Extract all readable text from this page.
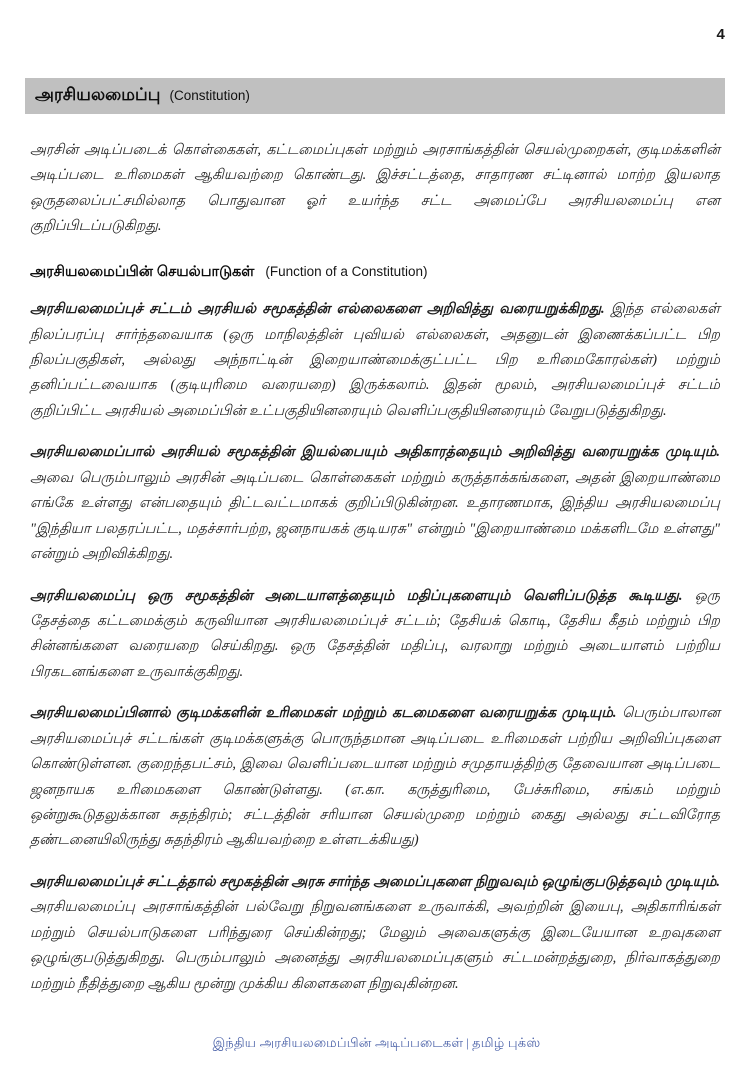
4
அரசியலமைப்பு (Constitution)

அரசின் அடிப்படைக் கொள்கைகள், கட்டமைப்புகள் மற்றும் அரசாங்கத்தின் செயல்முறைகள், குடிமக்களின் அடிப்படை உரிமைகள் ஆகியவற்றை கொண்டது. இச்சட்டத்தை, சாதாரண சட்டினால் மாற்ற இயலாத ஒருதலைப்பட்சமில்லாத பொதுவான ஓர் உயர்ந்த சட்ட அமைப்பே அரசியலமைப்பு என குறிப்பிடப்படுகிறது.

அரசியலமைப்பின் செயல்பாடுகள் (Function of a Constitution)

அரசியலமைப்புச் சட்டம் அரசியல் சமூகத்தின் எல்லைகளை அறிவித்து வரையறுக்கிறது. இந்த எல்லைகள் நிலப்பரப்பு சார்ந்தவையாக (ஒரு மாநிலத்தின் புவியல் எல்லைகள், அதனுடன் இணைக்கப்பட்ட பிற நிலப்பகுதிகள், அல்லது அந்நாட்டின் இறையாண்மைக்குட்பட்ட பிற உரிமைகோரல்கள்) மற்றும் தனிப்பட்டவையாக (குடியுரிமை வரையறை) இருக்கலாம். இதன் மூலம், அரசியலமைப்புச் சட்டம் குறிப்பிட்ட அரசியல் அமைப்பின் உட்பகுதியினரையும் வெளிப்பகுதியினரையும் வேறுபடுத்துகிறது.

அரசியலமைப்பால் அரசியல் சமூகத்தின் இயல்பையும் அதிகாரத்தையும் அறிவித்து வரையறுக்க முடியும். அவை பெரும்பாலும் அரசின் அடிப்படை கொள்கைகள் மற்றும் கருத்தாக்கங்களை, அதன் இறையாண்மை எங்கே உள்ளது என்பதையும் திட்டவட்டமாகக் குறிப்பிடுகின்றன. உதாரணமாக, இந்திய அரசியலமைப்பு "இந்தியா பலதரப்பட்ட, மதச்சார்பற்ற, ஜனநாயகக் குடியரசு" என்றும் "இறையாண்மை மக்களிடமே உள்ளது" என்றும் அறிவிக்கிறது.

அரசியலமைப்பு ஒரு சமூகத்தின் அடையாளத்தையும் மதிப்புகளையும் வெளிப்படுத்த கூடியது. ஒரு தேசத்தை கட்டமைக்கும் கருவியான அரசியலமைப்புச் சட்டம்; தேசியக் கொடி, தேசிய கீதம் மற்றும் பிற சின்னங்களை வரையறை செய்கிறது. ஒரு தேசத்தின் மதிப்பு, வரலாறு மற்றும் அடையாளம் பற்றிய பிரகடனங்களை உருவாக்குகிறது.

அரசியலமைப்பினால் குடிமக்களின் உரிமைகள் மற்றும் கடமைகளை வரையறுக்க முடியும். பெரும்பாலான அரசியமைப்புச் சட்டங்கள் குடிமக்களுக்கு பொருந்தமான அடிப்படை உரிமைகள் பற்றிய அறிவிப்புகளை கொண்டுள்ளன. குறைந்தபட்சம், இவை வெளிப்படையான மற்றும் சமுதாயத்திற்கு தேவையான அடிப்படை ஜனநாயக உரிமைகளை கொண்டுள்ளது. (எ.கா. கருத்துரிமை, பேச்சுரிமை, சங்கம் மற்றும் ஒன்றுகூடுதலுக்கான சுதந்திரம்; சட்டத்தின் சரியான செயல்முறை மற்றும் கைது அல்லது சட்டவிரோத தண்டனையிலிருந்து சுதந்திரம் ஆகியவற்றை உள்ளடக்கியது)

அரசியலமைப்புச் சட்டத்தால் சமூகத்தின் அரசு சார்ந்த அமைப்புகளை நிறுவவும் ஒழுங்குபடுத்தவும் முடியும். அரசியலமைப்பு அரசாங்கத்தின் பல்வேறு நிறுவனங்களை உருவாக்கி, அவற்றின் இயைபு, அதிகாரிங்கள் மற்றும் செயல்பாடுகளை பரிந்துரை செய்கின்றது; மேலும் அவைகளுக்கு இடையேயான உறவுகளை ஒழுங்குபடுத்துகிறது. பெரும்பாலும் அனைத்து அரசியலமைப்புகளும் சட்டமன்றத்துறை, நிர்வாகத்துறை மற்றும் நீதித்துறை ஆகிய மூன்று முக்கிய கிளைகளை நிறுவுகின்றன.

இந்திய அரசியலமைப்பின் அடிப்படைகள் | தமிழ் புக்ஸ்
